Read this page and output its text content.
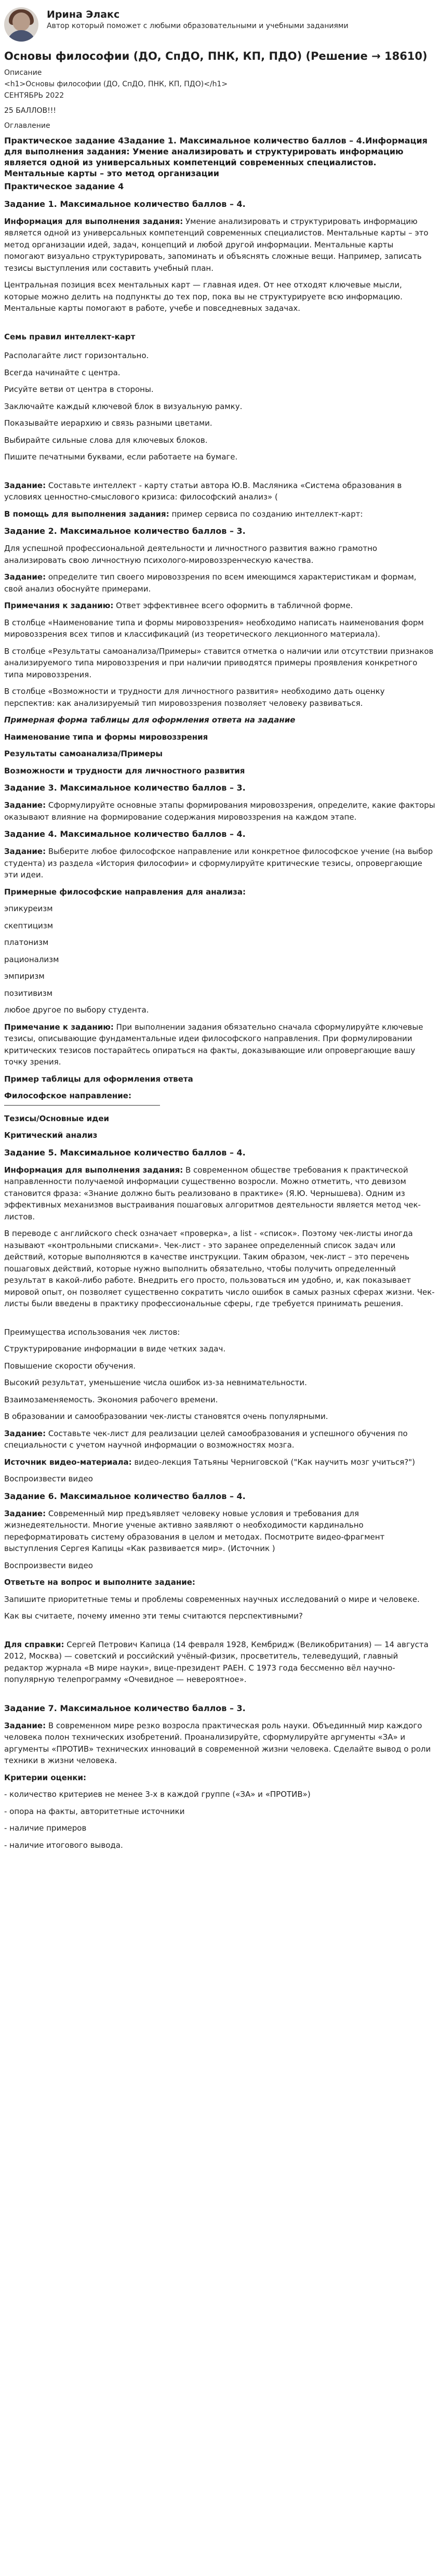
Ирина Элакс
Автор который поможет с любыми образовательными и учебными заданиями
Основы философии (ДО, СпДО, ПНК, КП, ПДО) (Решение → 18610)
Описание
<h1>Основы философии (ДО, СпДО, ПНК, КП, ПДО)</h1>
СЕНТЯБРЬ 2022
25 БАЛЛОВ!!!
Оглавление
Практическое задание 4Задание 1. Максимальное количество баллов – 4.Информация для выполнения задания: Умение анализировать и структурировать информацию является одной из универсальных компетенций современных специалистов. Ментальные карты – это метод организации
Практическое задание 4
Задание 1. Максимальное количество баллов – 4.

Информация для выполнения задания: Умение анализировать и структурировать информацию является одной из универсальных компетенций современных специалистов. Ментальные карты – это метод организации идей, задач, концепций и любой другой информации. Ментальные карты помогают визуально структурировать, запоминать и объяснять сложные вещи. Например, записать тезисы выступления или составить учебный план.

Центральная позиция всех ментальных карт — главная идея. От нее отходят ключевые мысли, которые можно делить на подпункты до тех пор, пока вы не структурируете всю информацию. Ментальные карты помогают в работе, учебе и повседневных задачах.

Семь правил интеллект-карт

Располагайте лист горизонтально.

Всегда начинайте с центра.

Рисуйте ветви от центра в стороны.

Заключайте каждый ключевой блок в визуальную рамку.

Показывайте иерархию и связь разными цветами.

Выбирайте сильные слова для ключевых блоков.

Пишите печатными буквами, если работаете на бумаге.

Задание: Составьте интеллект - карту статьи автора Ю.В. Масляника «Система образования в условиях ценностно-смыслового кризиса: философский анализ» (

В помощь для выполнения задания: пример сервиса по созданию интеллект-карт:

Задание 2. Максимальное количество баллов – 3.

Для успешной профессиональной деятельности и личностного развития важно грамотно анализировать свою личностную психолого-мировоззренческую качества.

Задание: определите тип своего мировоззрения по всем имеющимся характеристикам и формам, свой анализ обоснуйте примерами.

Примечания к заданию: Ответ эффективнее всего оформить в табличной форме.

В столбце «Наименование типа и формы мировоззрения» необходимо написать наименования форм мировоззрения всех типов и классификаций (из теоретического лекционного материала).

В столбце «Результаты самоанализа/Примеры» ставится отметка о наличии или отсутствии признаков анализируемого типа мировоззрения и при наличии приводятся примеры проявления конкретного типа мировоззрения.

В столбце «Возможности и трудности для личностного развития» необходимо дать оценку перспектив: как анализируемый тип мировоззрения позволяет человеку развиваться.

Примерная форма таблицы для оформления ответа на задание

Наименование типа и формы мировоззрения

Результаты самоанализа/Примеры

Возможности и трудности для личностного развития

Задание 3. Максимальное количество баллов – 3.

Задание: Сформулируйте основные этапы формирования мировоззрения, определите, какие факторы оказывают влияние на формирование содержания мировоззрения на каждом этапе.

Задание 4. Максимальное количество баллов – 4.

Задание: Выберите любое философское направление или конкретное философское учение (на выбор студента) из раздела «История философии» и сформулируйте критические тезисы, опровергающие эти идеи.

Примерные философские направления для анализа:

эпикуреизм

скептицизм

платонизм

рационализм

эмпиризм

позитивизм

любое другое по выбору студента.

Примечание к заданию: При выполнении задания обязательно сначала сформулируйте ключевые тезисы, описывающие фундаментальные идеи философского направления. При формулировании критических тезисов постарайтесь опираться на факты, доказывающие или опровергающие вашу точку зрения.

Пример таблицы для оформления ответа

Философское направление:

Тезисы/Основные идеи

Критический анализ

Задание 5. Максимальное количество баллов – 4.

Информация для выполнения задания: В современном обществе требования к практической направленности получаемой информации существенно возросли. Можно отметить, что девизом становится фраза: «Знание должно быть реализовано в практике» (Я.Ю. Чернышева). Одним из эффективных механизмов выстраивания пошаговых алгоритмов деятельности является метод чек-листов.

В переводе с английского check означает «проверка», а list - «список». Поэтому чек-листы иногда называют «контрольными списками». Чек-лист - это заранее определенный список задач или действий, которые выполняются в качестве инструкции. Таким образом, чек-лист – это перечень пошаговых действий, которые нужно выполнить обязательно, чтобы получить определенный результат в какой-либо работе. Внедрить его просто, пользоваться им удобно, и, как показывает мировой опыт, он позволяет существенно сократить число ошибок в самых разных сферах жизни. Чек-листы были введены в практику профессиональные сферы, где требуется принимать решения.

Преимущества использования чек листов:

Структурирование информации в виде четких задач.

Повышение скорости обучения.

Высокий результат, уменьшение числа ошибок из-за невнимательности.

Взаимозаменяемость. Экономия рабочего времени.

В образовании и самообразовании чек-листы становятся очень популярными.

Задание: Составьте чек-лист для реализации целей самообразования и успешного обучения по специальности с учетом научной информации о возможностях мозга.

Источник видео-материала: видео-лекция Татьяны Черниговской ("Как научить мозг учиться?")

Воспроизвести видео

Задание 6. Максимальное количество баллов – 4.

Задание: Современный мир предъявляет человеку новые условия и требования для жизнедеятельности. Многие ученые активно заявляют о необходимости кардинально переформатировать систему образования в целом и методах. Посмотрите видео-фрагмент выступления Сергея Капицы «Как развивается мир». (Источник )

Воспроизвести видео

Ответьте на вопрос и выполните задание:

Запишите приоритетные темы и проблемы современных научных исследований о мире и человеке.

Как вы считаете, почему именно эти темы считаются перспективными?

Для справки: Сергей Петрович Капица (14 февраля 1928, Кембридж (Великобритания) — 14 августа 2012, Москва) — советский и российский учёный-физик, просветитель, телеведущий, главный редактор журнала «В мире науки», вице-президент РАЕН. С 1973 года бессменно вёл научно-популярную телепрограмму «Очевидное — невероятное».

Задание 7. Максимальное количество баллов – 3.

Задание: В современном мире резко возросла практическая роль науки. Объединный мир каждого человека полон технических изобретений. Проанализируйте, сформулируйте аргументы «ЗА» и аргументы «ПРОТИВ» технических инноваций в современной жизни человека. Сделайте вывод о роли техники в жизни человека.

Критерии оценки:

- количество критериев не менее 3-х в каждой группе («ЗА» и «ПРОТИВ»)

- опора на факты, авторитетные источники

- наличие примеров

- наличие итогового вывода.
